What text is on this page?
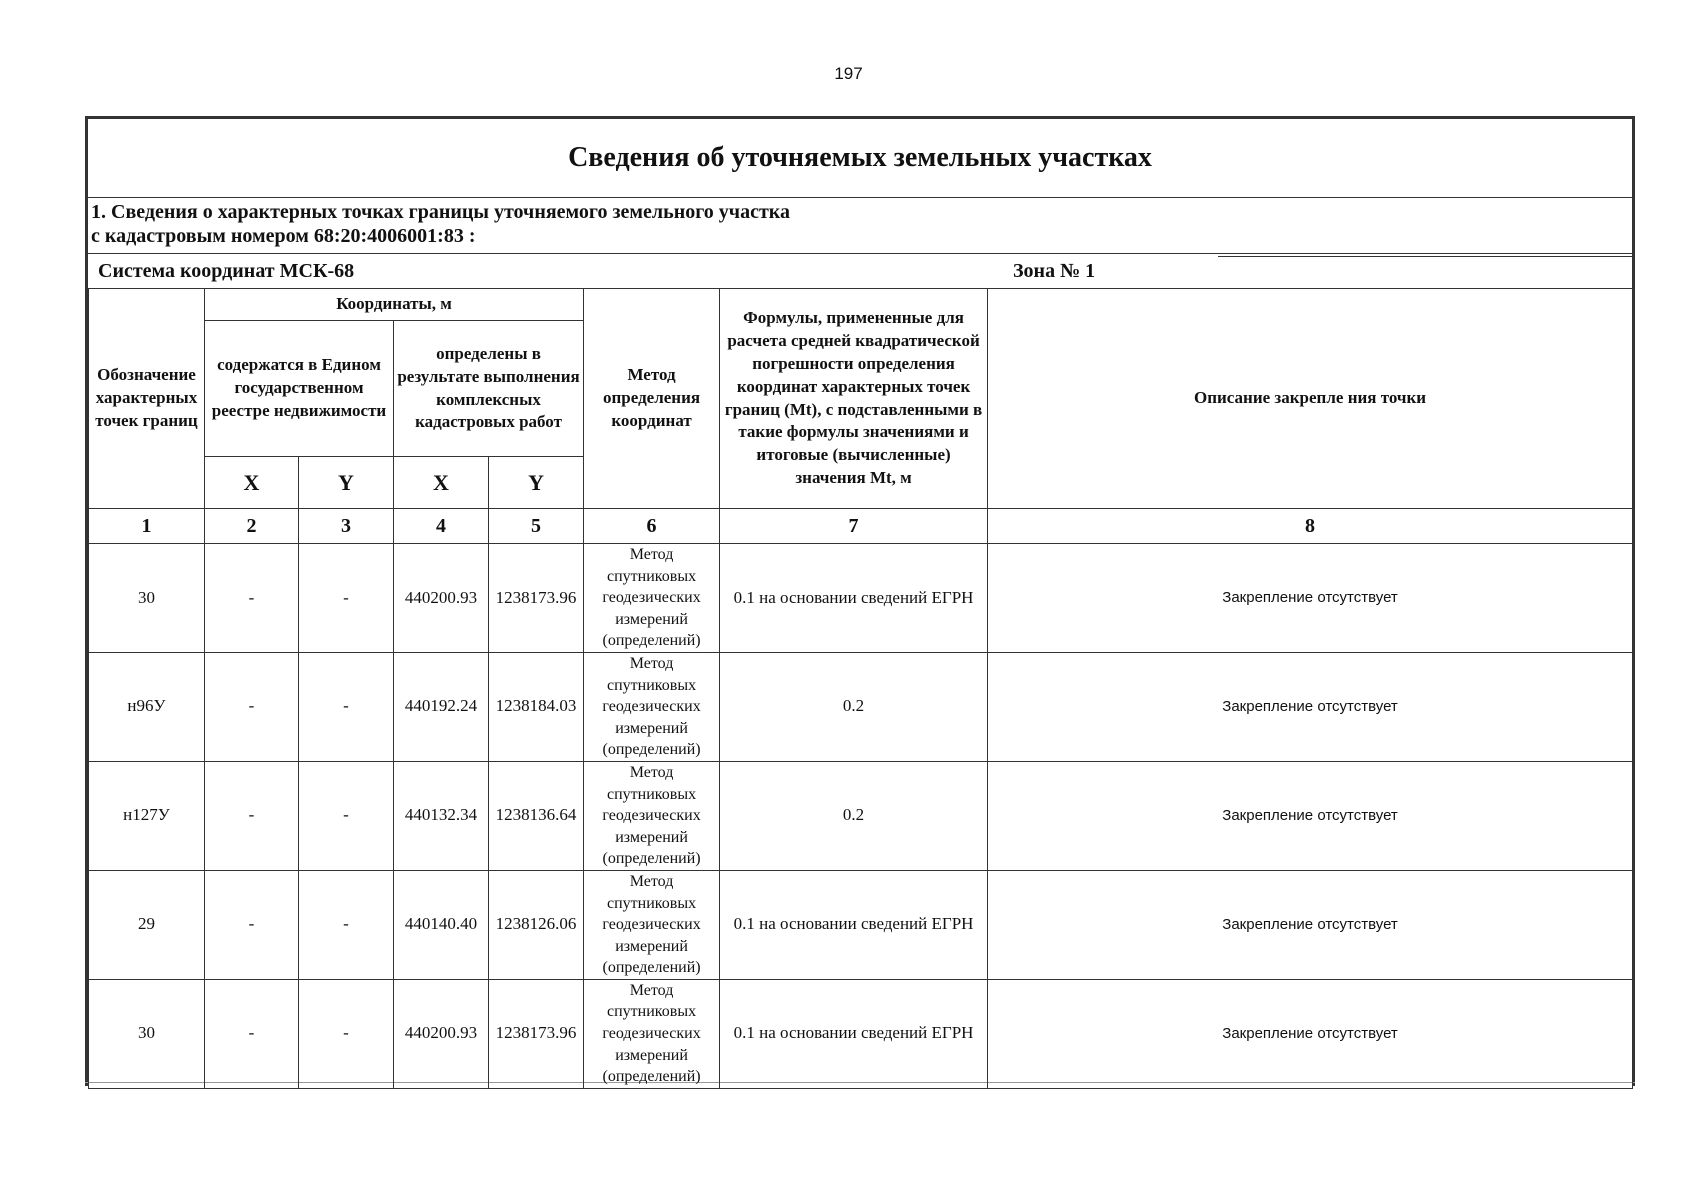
197
Сведения об уточняемых земельных участках
1. Сведения о характерных точках границы уточняемого земельного участка
с кадастровым номером 68:20:4006001:83 :
Система координат МСК-68	Зона № 1
Обозначение характерных точек границ	Координаты, м				Метод определения координат	Формулы, примененные для расчета средней квадратической погрешности определения координат характерных точек границ (Mt), с подставленными в такие формулы значениями и итоговые (вычисленные) значения Mt, м	Описание закрепле ния точки
	содержатся в Едином государственном реестре недвижимости		определены в результате выполнения комплексных кадастровых работ				
	X	Y	X	Y			
1	2	3	4	5	6	7	8
30	-	-	440200.93	1238173.96	Метод спутниковых геодезических измерений (определений)	0.1 на основании сведений ЕГРН	Закрепление отсутствует
н96У	-	-	440192.24	1238184.03	Метод спутниковых геодезических измерений (определений)	0.2	Закрепление отсутствует
н127У	-	-	440132.34	1238136.64	Метод спутниковых геодезических измерений (определений)	0.2	Закрепление отсутствует
29	-	-	440140.40	1238126.06	Метод спутниковых геодезических измерений (определений)	0.1 на основании сведений ЕГРН	Закрепление отсутствует
30	-	-	440200.93	1238173.96	Метод спутниковых геодезических измерений (определений)	0.1 на основании сведений ЕГРН	Закрепление отсутствует
